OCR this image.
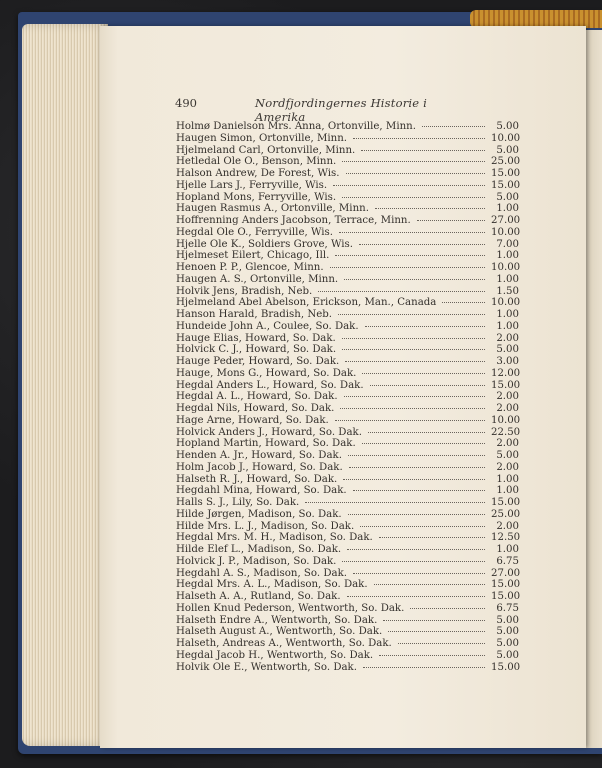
490	Nordfjordingernes Historie i Amerika
Holmø Danielson Mrs. Anna, Ortonville, Minn.	5.00
Haugen Simon, Ortonville, Minn.	10.00
Hjelmeland Carl, Ortonville, Minn.	5.00
Hetledal Ole O., Benson, Minn.	25.00
Halson Andrew, De Forest, Wis.	15.00
Hjelle Lars J., Ferryville, Wis.	15.00
Hopland Mons, Ferryville, Wis.	5.00
Haugen Rasmus A., Ortonville, Minn.	1.00
Hoffrenning Anders Jacobson, Terrace, Minn.	27.00
Hegdal Ole O., Ferryville, Wis.	10.00
Hjelle Ole K., Soldiers Grove, Wis.	7.00
Hjelmeset Eilert, Chicago, Ill.	1.00
Henoen P. P., Glencoe, Minn.	10.00
Haugen A. S., Ortonville, Minn.	1.00
Holvik Jens, Bradish, Neb.	1.50
Hjelmeland Abel Abelson, Erickson, Man., Canada	10.00
Hanson Harald, Bradish, Neb.	1.00
Hundeide John A., Coulee, So. Dak.	1.00
Hauge Elias, Howard, So. Dak.	2.00
Holvick C. J., Howard, So. Dak.	5.00
Hauge Peder, Howard, So. Dak.	3.00
Hauge, Mons G., Howard, So. Dak.	12.00
Hegdal Anders L., Howard, So. Dak.	15.00
Hegdal A. L., Howard, So. Dak.	2.00
Hegdal Nils, Howard, So. Dak.	2.00
Hage Arne, Howard, So. Dak.	10.00
Holvick Anders J., Howard, So. Dak.	22.50
Hopland Martin, Howard, So. Dak.	2.00
Henden A. Jr., Howard, So. Dak.	5.00
Holm Jacob J., Howard, So. Dak.	2.00
Halseth R. J., Howard, So. Dak.	1.00
Hegdahl Mina, Howard, So. Dak.	1.00
Halls S. J., Lily, So. Dak.	15.00
Hilde Jørgen, Madison, So. Dak.	25.00
Hilde Mrs. L. J., Madison, So. Dak.	2.00
Hegdal Mrs. M. H., Madison, So. Dak.	12.50
Hilde Elef L., Madison, So. Dak.	1.00
Holvick J. P., Madison, So. Dak.	6.75
Hegdahl A. S., Madison, So. Dak.	27.00
Hegdal Mrs. A. L., Madison, So. Dak.	15.00
Halseth A. A., Rutland, So. Dak.	15.00
Hollen Knud Pederson, Wentworth, So. Dak.	6.75
Halseth Endre A., Wentworth, So. Dak.	5.00
Halseth August A., Wentworth, So. Dak.	5.00
Halseth, Andreas A., Wentworth, So. Dak.	5.00
Hegdal Jacob H., Wentworth, So. Dak.	5.00
Holvik Ole E., Wentworth, So. Dak.	15.00
